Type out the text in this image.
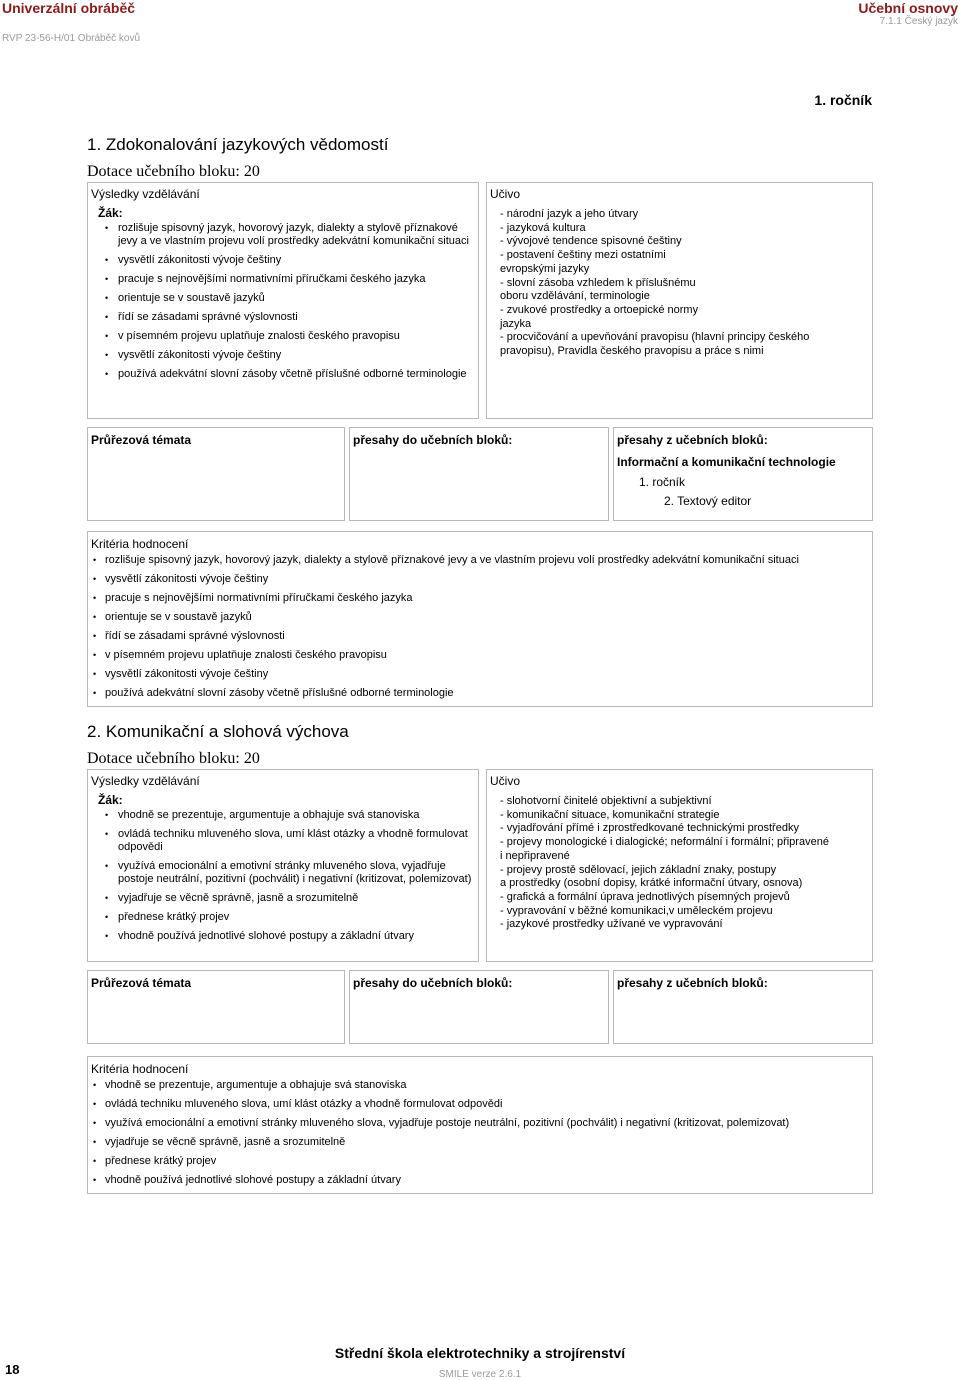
Univerzální obráběč
RVP 23-56-H/01 Obráběč kovů
Učební osnovy
7.1.1 Český jazyk
1. ročník
1. Zdokonalování jazykových vědomostí
Dotace učebního bloku: 20
Výsledky vzdělávání
Žák:
• rozlišuje spisovný jazyk, hovorový jazyk, dialekty a stylově příznakové jevy a ve vlastním projevu volí prostředky adekvátní komunikační situaci
• vysvětlí zákonitosti vývoje češtiny
• pracuje s nejnovějšími normativními příručkami českého jazyka
• orientuje se v soustavě jazyků
• řídí se zásadami správné výslovnosti
• v písemném projevu uplatňuje znalosti českého pravopisu
• vysvětlí zákonitosti vývoje češtiny
• používá adekvátní slovní zásoby včetně příslušné odborné terminologie
Učivo
- národní jazyk a jeho útvary
- jazyková kultura
- vývojové tendence spisovné češtiny
- postavení češtiny mezi ostatními
evropskými jazyky
- slovní zásoba vzhledem k příslušnému
oboru vzdělávání, terminologie
- zvukové prostředky a ortoepické normy
jazyka
- procvičování a upevňování pravopisu (hlavní principy českého
pravopisu), Pravidla českého pravopisu a práce s nimi
Průřezová témata	přesahy do učebních bloků:	přesahy z učebních bloků:
Informační a komunikační technologie
1. ročník
2. Textový editor
Kritéria hodnocení
• rozlišuje spisovný jazyk, hovorový jazyk, dialekty a stylově příznakové jevy a ve vlastním projevu volí prostředky adekvátní komunikační situaci
• vysvětlí zákonitosti vývoje češtiny
• pracuje s nejnovějšími normativními příručkami českého jazyka
• orientuje se v soustavě jazyků
• řídí se zásadami správné výslovnosti
• v písemném projevu uplatňuje znalosti českého pravopisu
• vysvětlí zákonitosti vývoje češtiny
• používá adekvátní slovní zásoby včetně příslušné odborné terminologie
2. Komunikační a slohová výchova
Dotace učebního bloku: 20
Výsledky vzdělávání
Žák:
• vhodně se prezentuje, argumentuje a obhajuje svá stanoviska
• ovládá techniku mluveného slova, umí klást otázky a vhodně formulovat odpovědi
• využívá emocionální a emotivní stránky mluveného slova, vyjadřuje postoje neutrální, pozitivní (pochválit) i negativní (kritizovat, polemizovat)
• vyjadřuje se věcně správně, jasně a srozumitelně
• přednese krátký projev
• vhodně používá jednotlivé slohové postupy a základní útvary
Učivo
- slohotvorní činitelé objektivní a subjektivní
- komunikační situace, komunikační strategie
- vyjadřování přímé i zprostředkované technickými prostředky
- projevy monologické i dialogické; neformální i formální; připravené
i nepřipravené
- projevy prostě sdělovací, jejich základní znaky, postupy
a prostředky (osobní dopisy, krátké informační útvary, osnova)
- grafická a formální úprava jednotlivých písemných projevů
- vypravování v běžné komunikaci,v uměleckém projevu
- jazykové prostředky užívané ve vypravování
Průřezová témata	přesahy do učebních bloků:	přesahy z učebních bloků:
Kritéria hodnocení
• vhodně se prezentuje, argumentuje a obhajuje svá stanoviska
• ovládá techniku mluveného slova, umí klást otázky a vhodně formulovat odpovědi
• využívá emocionální a emotivní stránky mluveného slova, vyjadřuje postoje neutrální, pozitivní (pochválit) i negativní (kritizovat, polemizovat)
• vyjadřuje se věcně správně, jasně a srozumitelně
• přednese krátký projev
• vhodně používá jednotlivé slohové postupy a základní útvary
Střední škola elektrotechniky a strojírenství
SMILE verze 2.6.1
18
